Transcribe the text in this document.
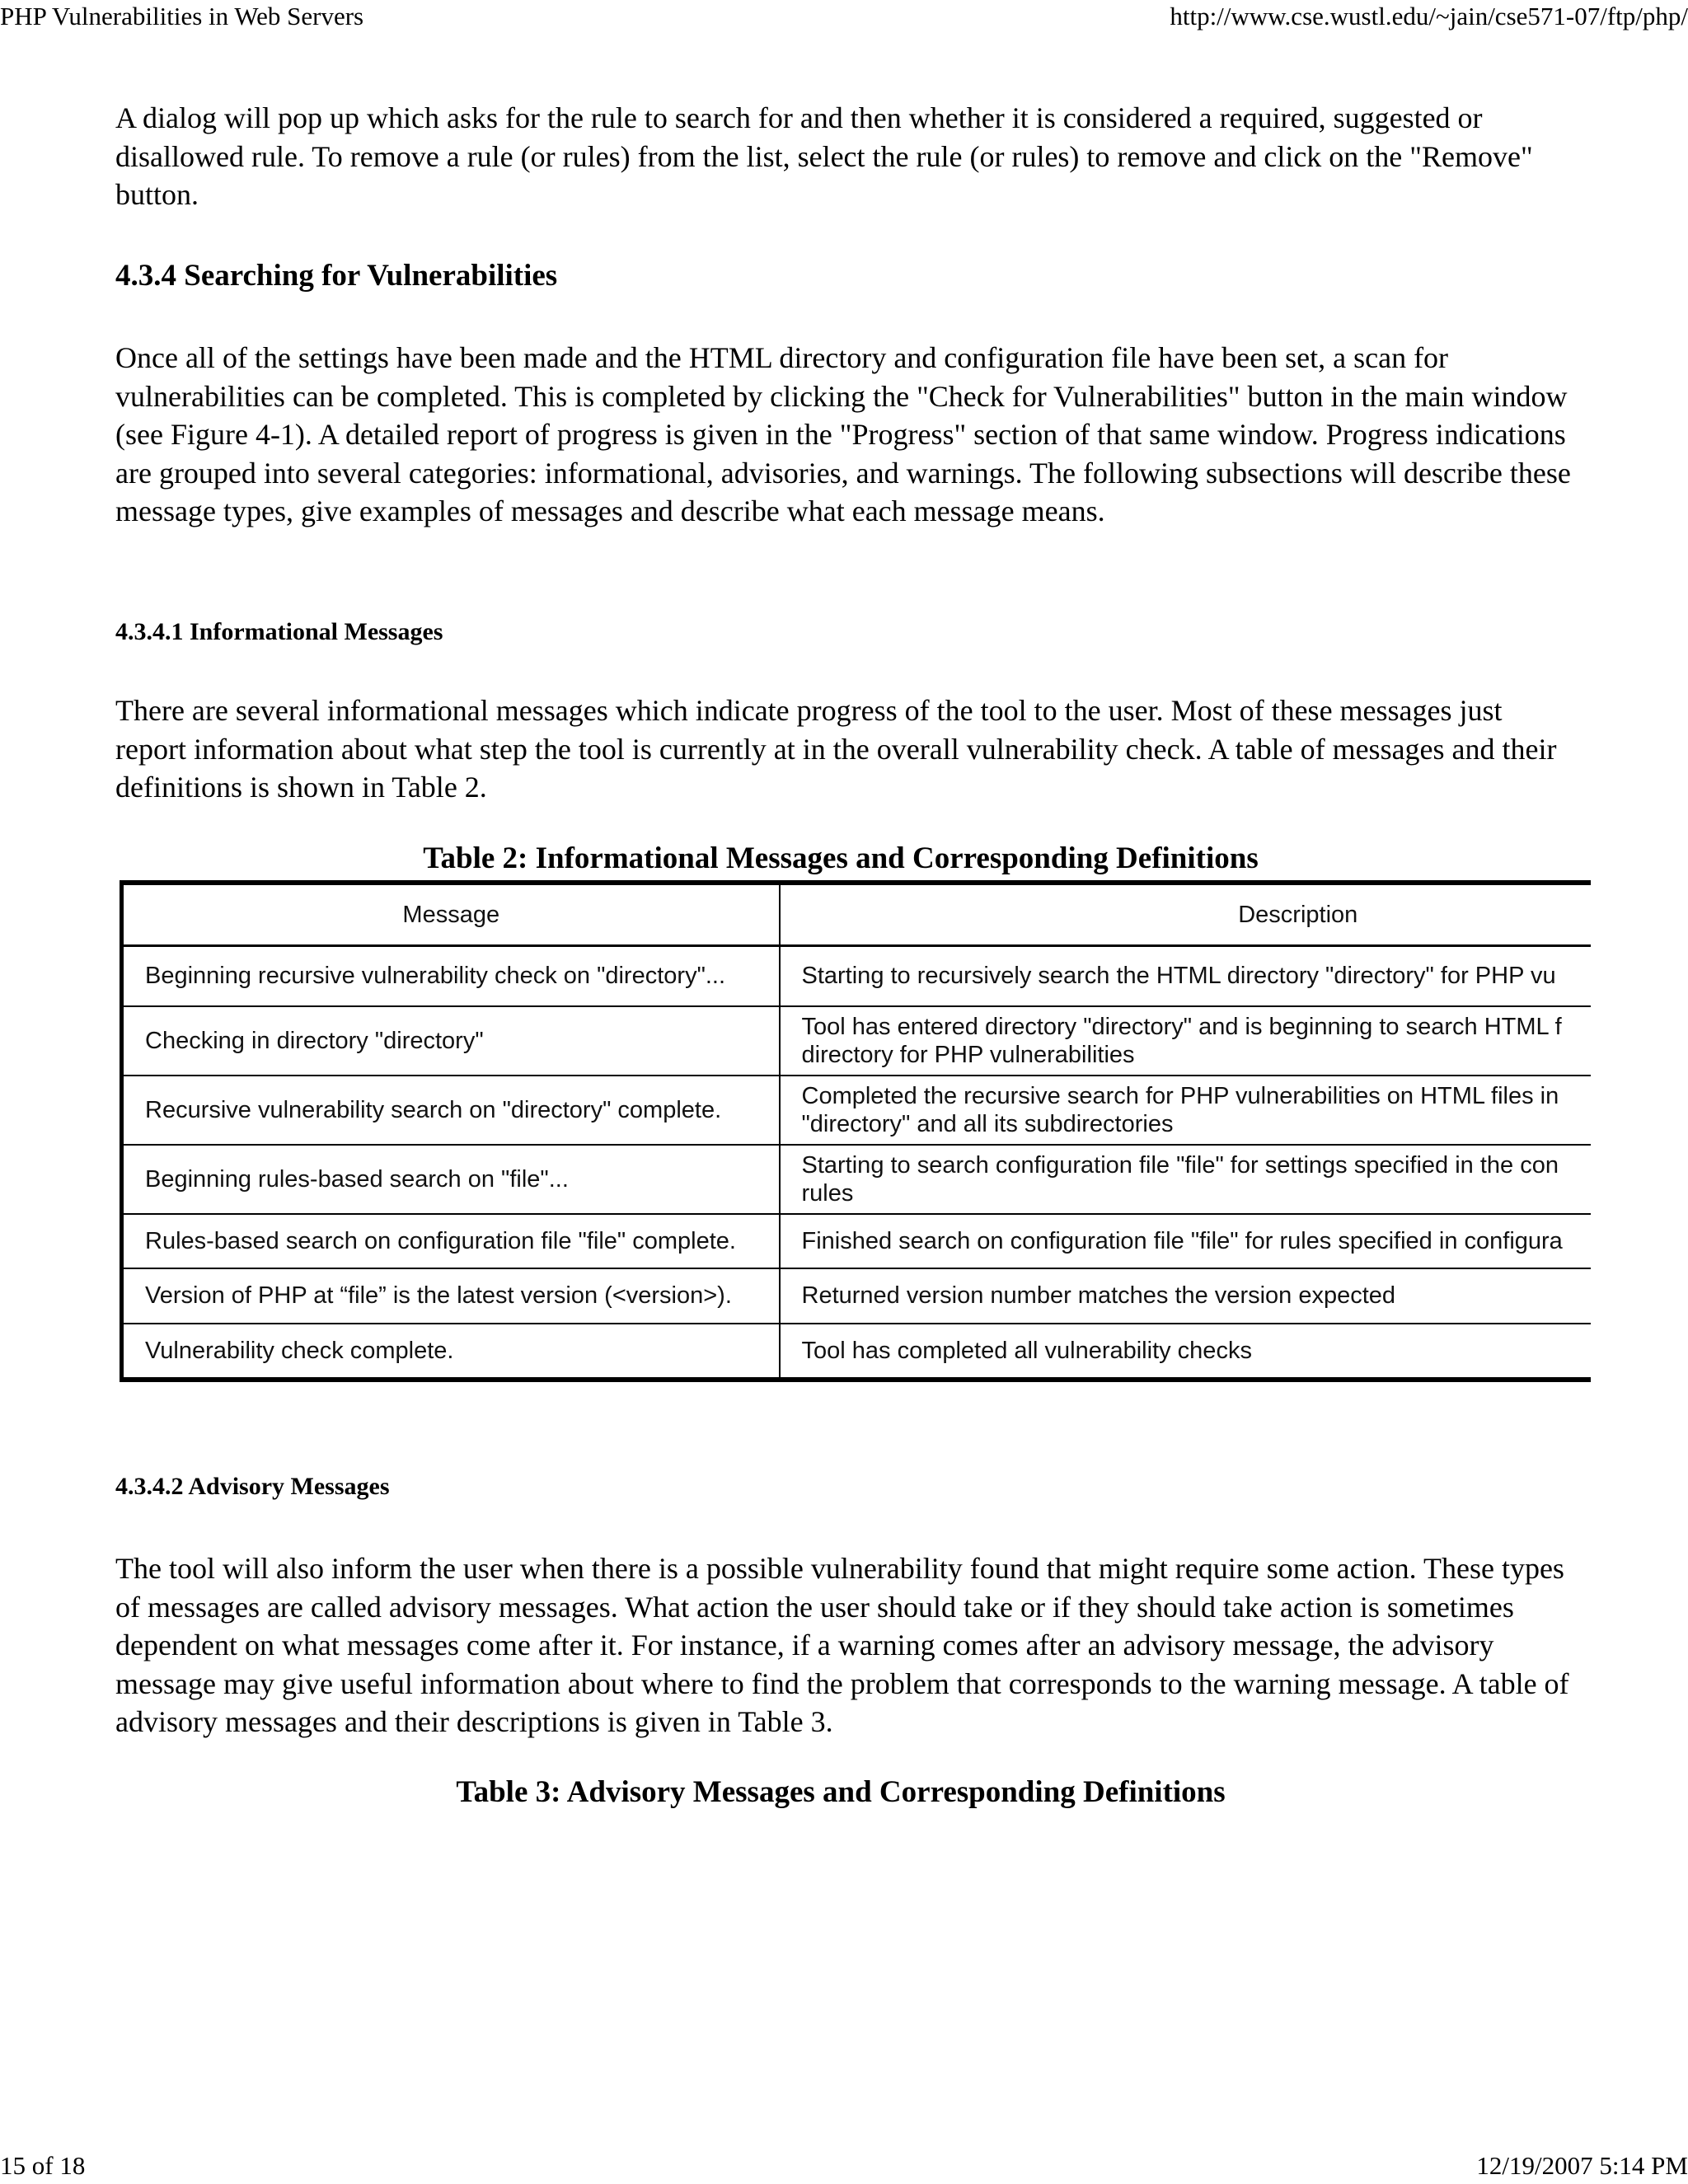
PHP Vulnerabilities in Web Servers	http://www.cse.wustl.edu/~jain/cse571-07/ftp/php/

A dialog will pop up which asks for the rule to search for and then whether it is considered a required, suggested or disallowed rule. To remove a rule (or rules) from the list, select the rule (or rules) to remove and click on the "Remove" button.

4.3.4 Searching for Vulnerabilities

Once all of the settings have been made and the HTML directory and configuration file have been set, a scan for vulnerabilities can be completed. This is completed by clicking the "Check for Vulnerabilities" button in the main window (see Figure 4-1). A detailed report of progress is given in the "Progress" section of that same window. Progress indications are grouped into several categories: informational, advisories, and warnings. The following subsections will describe these message types, give examples of messages and describe what each message means.

4.3.4.1 Informational Messages

There are several informational messages which indicate progress of the tool to the user. Most of these messages just report information about what step the tool is currently at in the overall vulnerability check. A table of messages and their definitions is shown in Table 2.

Table 2: Informational Messages and Corresponding Definitions

Message	Description
Beginning recursive vulnerability check on "directory"...	Starting to recursively search the HTML directory "directory" for PHP vu
Checking in directory "directory"	Tool has entered directory "directory" and is beginning to search HTML f
directory for PHP vulnerabilities

Recursive vulnerability search on "directory" complete.	Completed the recursive search for PHP vulnerabilities on HTML files in
"directory" and all its subdirectories

Beginning rules-based search on "file"...	Starting to search configuration file "file" for settings specified in the con
rules

Rules-based search on configuration file "file" complete.	Finished search on configuration file "file" for rules specified in configura
Version of PHP at “file” is the latest version (<version>).	Returned version number matches the version expected
Vulnerability check complete.	Tool has completed all vulnerability checks

4.3.4.2 Advisory Messages

The tool will also inform the user when there is a possible vulnerability found that might require some action. These types of messages are called advisory messages. What action the user should take or if they should take action is sometimes dependent on what messages come after it. For instance, if a warning comes after an advisory message, the advisory message may give useful information about where to find the problem that corresponds to the warning message. A table of advisory messages and their descriptions is given in Table 3.

Table 3: Advisory Messages and Corresponding Definitions

15 of 18	12/19/2007 5:14 PM
